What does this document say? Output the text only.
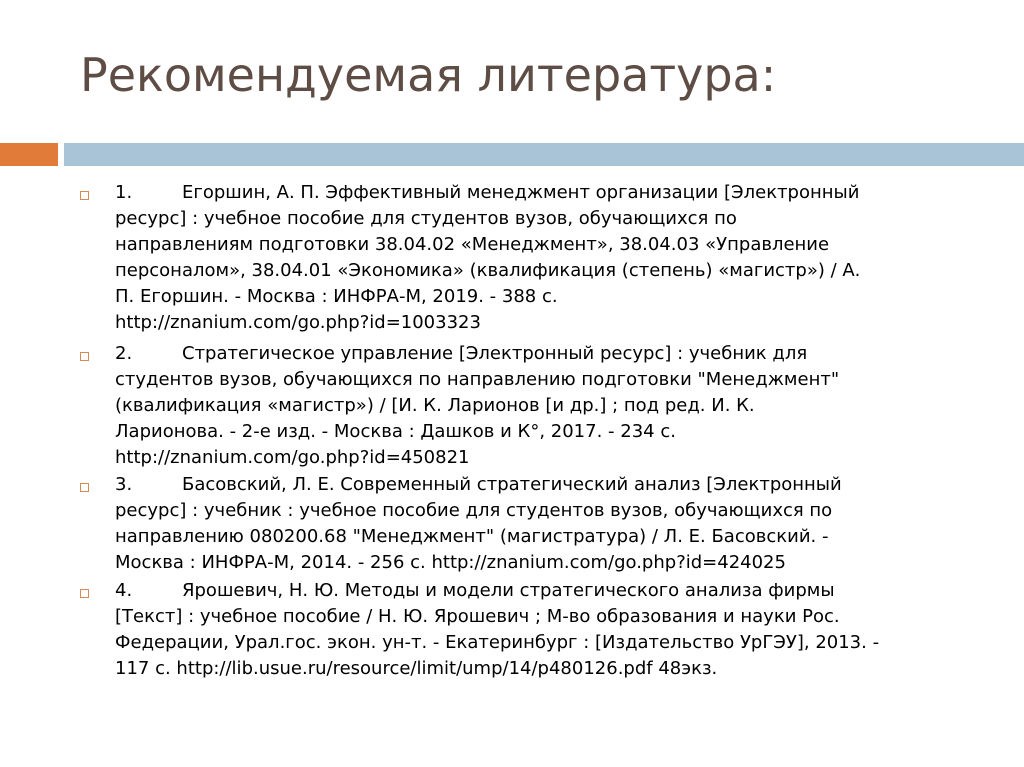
Рекомендуемая литература:
1.	Егоршин, А. П. Эффективный менеджмент организации [Электронный
ресурс] : учебное пособие для студентов вузов, обучающихся по
направлениям подготовки 38.04.02 «Менеджмент», 38.04.03 «Управление
персоналом», 38.04.01 «Экономика» (квалификация (степень) «магистр») / А.
П. Егоршин. - Москва : ИНФРА-М, 2019. - 388 с.
http://znanium.com/go.php?id=1003323
2.	Стратегическое управление [Электронный ресурс] : учебник для
студентов вузов, обучающихся по направлению подготовки "Менеджмент"
(квалификация «магистр») / [И. К. Ларионов [и др.] ; под ред. И. К.
Ларионова. - 2-е изд. - Москва : Дашков и К°, 2017. - 234 с.
http://znanium.com/go.php?id=450821
3.	Басовский, Л. Е. Современный стратегический анализ [Электронный
ресурс] : учебник : учебное пособие для студентов вузов, обучающихся по
направлению 080200.68 "Менеджмент" (магистратура) / Л. Е. Басовский. -
Москва : ИНФРА-М, 2014. - 256 с. http://znanium.com/go.php?id=424025
4.	Ярошевич, Н. Ю. Методы и модели стратегического анализа фирмы
[Текст] : учебное пособие / Н. Ю. Ярошевич ; М-во образования и науки Рос.
Федерации, Урал.гос. экон. ун-т. - Екатеринбург : [Издательство УрГЭУ], 2013. -
117 с. http://lib.usue.ru/resource/limit/ump/14/p480126.pdf 48экз.
